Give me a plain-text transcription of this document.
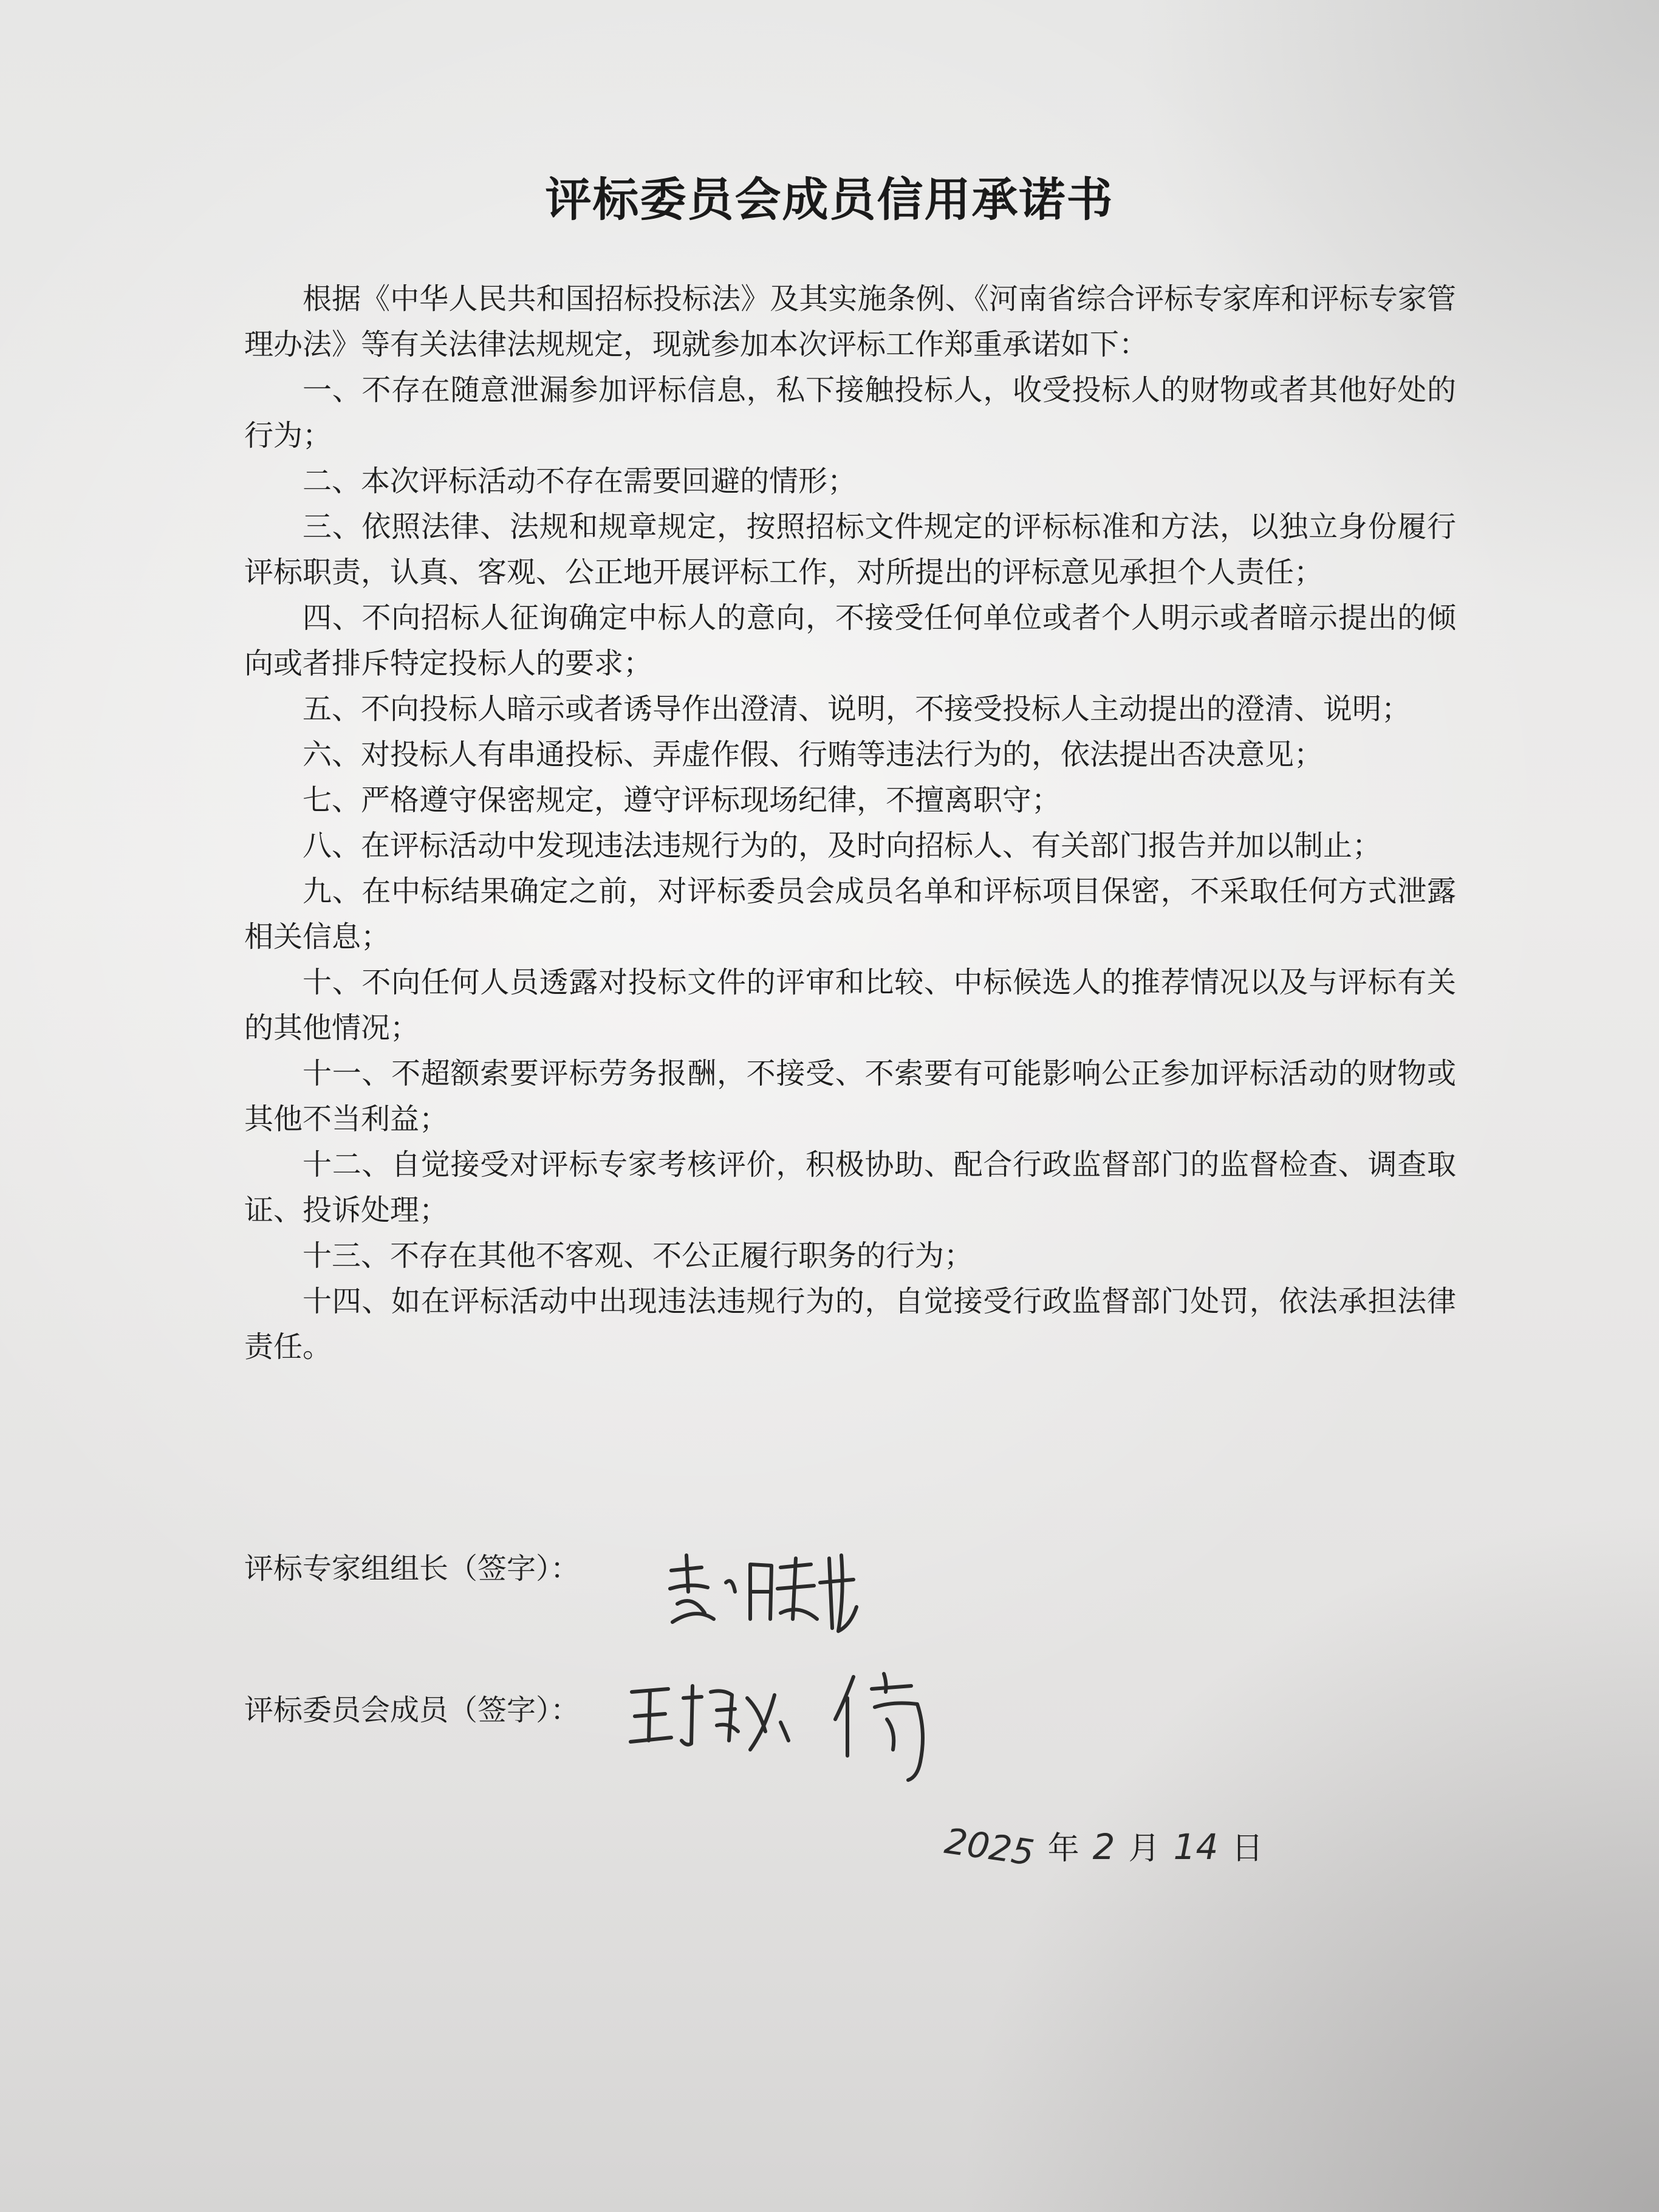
评标委员会成员信用承诺书

根据《中华人民共和国招标投标法》及其实施条例、《河南省综合评标专家库和评标专家管理办法》等有关法律法规规定，现就参加本次评标工作郑重承诺如下：

一、不存在随意泄漏参加评标信息，私下接触投标人，收受投标人的财物或者其他好处的行为；

二、本次评标活动不存在需要回避的情形；

三、依照法律、法规和规章规定，按照招标文件规定的评标标准和方法，以独立身份履行评标职责，认真、客观、公正地开展评标工作，对所提出的评标意见承担个人责任；

四、不向招标人征询确定中标人的意向，不接受任何单位或者个人明示或者暗示提出的倾向或者排斥特定投标人的要求；

五、不向投标人暗示或者诱导作出澄清、说明，不接受投标人主动提出的澄清、说明；

六、对投标人有串通投标、弄虚作假、行贿等违法行为的，依法提出否决意见；

七、严格遵守保密规定，遵守评标现场纪律，不擅离职守；

八、在评标活动中发现违法违规行为的，及时向招标人、有关部门报告并加以制止；

九、在中标结果确定之前，对评标委员会成员名单和评标项目保密，不采取任何方式泄露相关信息；

十、不向任何人员透露对投标文件的评审和比较、中标候选人的推荐情况以及与评标有关的其他情况；

十一、不超额索要评标劳务报酬，不接受、不索要有可能影响公正参加评标活动的财物或其他不当利益；

十二、自觉接受对评标专家考核评价，积极协助、配合行政监督部门的监督检查、调查取证、投诉处理；

十三、不存在其他不客观、不公正履行职务的行为；

十四、如在评标活动中出现违法违规行为的，自觉接受行政监督部门处罚，依法承担法律责任。

评标专家组组长（签字）：
评标委员会成员（签字）：
2025 年 2 月 14 日
